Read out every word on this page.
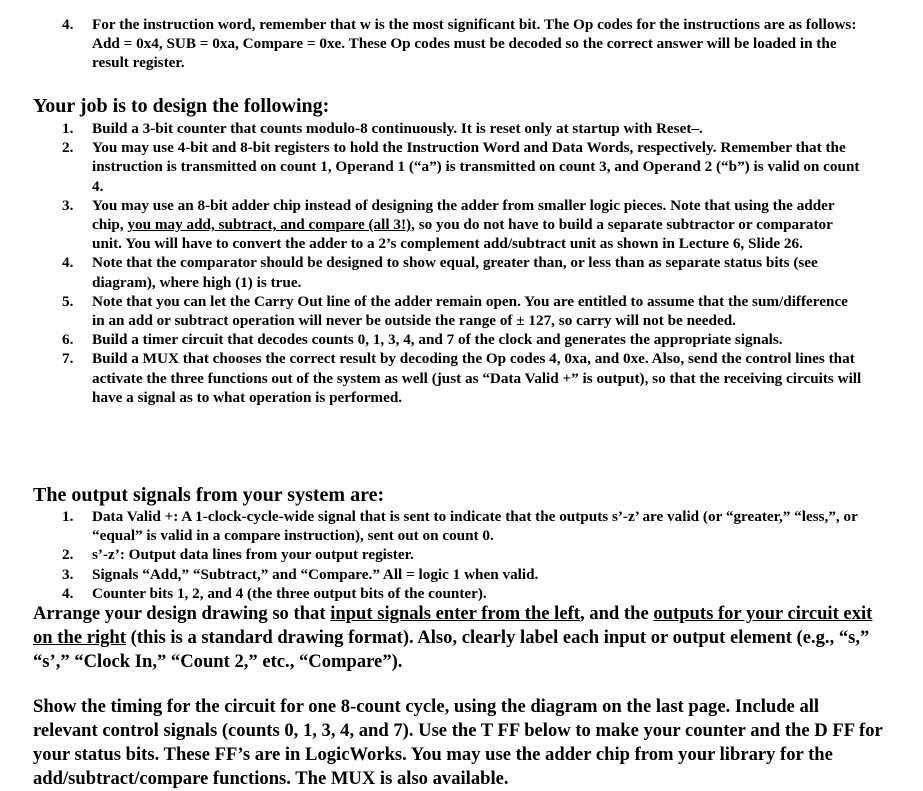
4. For the instruction word, remember that w is the most significant bit. The Op codes for the instructions are as follows: Add = 0x4, SUB = 0xa, Compare = 0xe. These Op codes must be decoded so the correct answer will be loaded in the result register.
Your job is to design the following:
1. Build a 3-bit counter that counts modulo-8 continuously. It is reset only at startup with Reset–.
2. You may use 4-bit and 8-bit registers to hold the Instruction Word and Data Words, respectively. Remember that the instruction is transmitted on count 1, Operand 1 (“a”) is transmitted on count 3, and Operand 2 (“b”) is valid on count 4.
3. You may use an 8-bit adder chip instead of designing the adder from smaller logic pieces. Note that using the adder chip, you may add, subtract, and compare (all 3!), so you do not have to build a separate subtractor or comparator unit. You will have to convert the adder to a 2’s complement add/subtract unit as shown in Lecture 6, Slide 26.
4. Note that the comparator should be designed to show equal, greater than, or less than as separate status bits (see diagram), where high (1) is true.
5. Note that you can let the Carry Out line of the adder remain open. You are entitled to assume that the sum/difference in an add or subtract operation will never be outside the range of ± 127, so carry will not be needed.
6. Build a timer circuit that decodes counts 0, 1, 3, 4, and 7 of the clock and generates the appropriate signals.
7. Build a MUX that chooses the correct result by decoding the Op codes 4, 0xa, and 0xe. Also, send the control lines that activate the three functions out of the system as well (just as “Data Valid +” is output), so that the receiving circuits will have a signal as to what operation is performed.
The output signals from your system are:
1. Data Valid +: A 1-clock-cycle-wide signal that is sent to indicate that the outputs s’-z’ are valid (or “greater,” “less,”, or “equal” is valid in a compare instruction), sent out on count 0.
2. s’-z’: Output data lines from your output register.
3. Signals “Add,” “Subtract,” and “Compare.” All = logic 1 when valid.
4. Counter bits 1, 2, and 4 (the three output bits of the counter).
Arrange your design drawing so that input signals enter from the left, and the outputs for your circuit exit on the right (this is a standard drawing format). Also, clearly label each input or output element (e.g., “s,” “s’,” “Clock In,” “Count 2,” etc., “Compare”).
Show the timing for the circuit for one 8-count cycle, using the diagram on the last page. Include all relevant control signals (counts 0, 1, 3, 4, and 7). Use the T FF below to make your counter and the D FF for your status bits. These FF’s are in LogicWorks. You may use the adder chip from your library for the add/subtract/compare functions. The MUX is also available.
